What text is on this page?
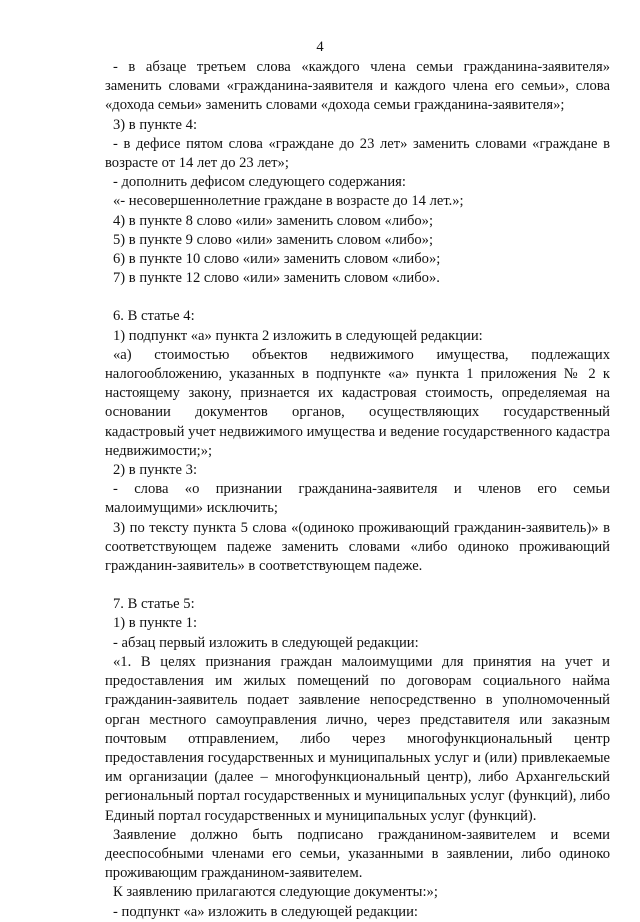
4

- в абзаце третьем слова «каждого члена семьи гражданина-заявителя» заменить словами «гражданина-заявителя и каждого члена его семьи», слова «дохода семьи» заменить словами «дохода семьи гражданина-заявителя»;

3) в пункте 4:

- в дефисе пятом слова «граждане до 23 лет» заменить словами «граждане в возрасте от 14 лет до 23 лет»;

- дополнить дефисом следующего содержания:

«- несовершеннолетние граждане в возрасте до 14 лет.»;

4) в пункте 8 слово «или» заменить словом «либо»;

5) в пункте 9 слово «или» заменить словом «либо»;

6) в пункте 10 слово «или» заменить словом «либо»;

7) в пункте 12 слово «или» заменить словом «либо».

6. В статье 4:

1) подпункт «а» пункта 2 изложить в следующей редакции:

«а) стоимостью объектов недвижимого имущества, подлежащих налогообложению, указанных в подпункте «а» пункта 1 приложения № 2 к настоящему закону, признается их кадастровая стоимость, определяемая на основании документов органов, осуществляющих государственный кадастровый учет недвижимого имущества и ведение государственного кадастра недвижимости;»;

2) в пункте 3:

- слова «о признании гражданина-заявителя и членов его семьи малоимущими» исключить;

3) по тексту пункта 5 слова «(одиноко проживающий гражданин-заявитель)» в соответствующем падеже заменить словами «либо одиноко проживающий гражданин-заявитель» в соответствующем падеже.

7. В статье 5:

1) в пункте 1:

- абзац первый изложить в следующей редакции:

«1. В целях признания граждан малоимущими для принятия на учет и предоставления им жилых помещений по договорам социального найма гражданин-заявитель подает заявление непосредственно в уполномоченный орган местного самоуправления лично, через представителя или заказным почтовым отправлением, либо через многофункциональный центр предоставления государственных и муниципальных услуг и (или) привлекаемые им организации (далее – многофункциональный центр), либо Архангельский региональный портал государственных и муниципальных услуг (функций), либо Единый портал государственных и муниципальных услуг (функций).

Заявление должно быть подписано гражданином-заявителем и всеми дееспособными членами его семьи, указанными в заявлении, либо одиноко проживающим гражданином-заявителем.

К заявлению прилагаются следующие документы:»;

- подпункт «а» изложить в следующей редакции:
